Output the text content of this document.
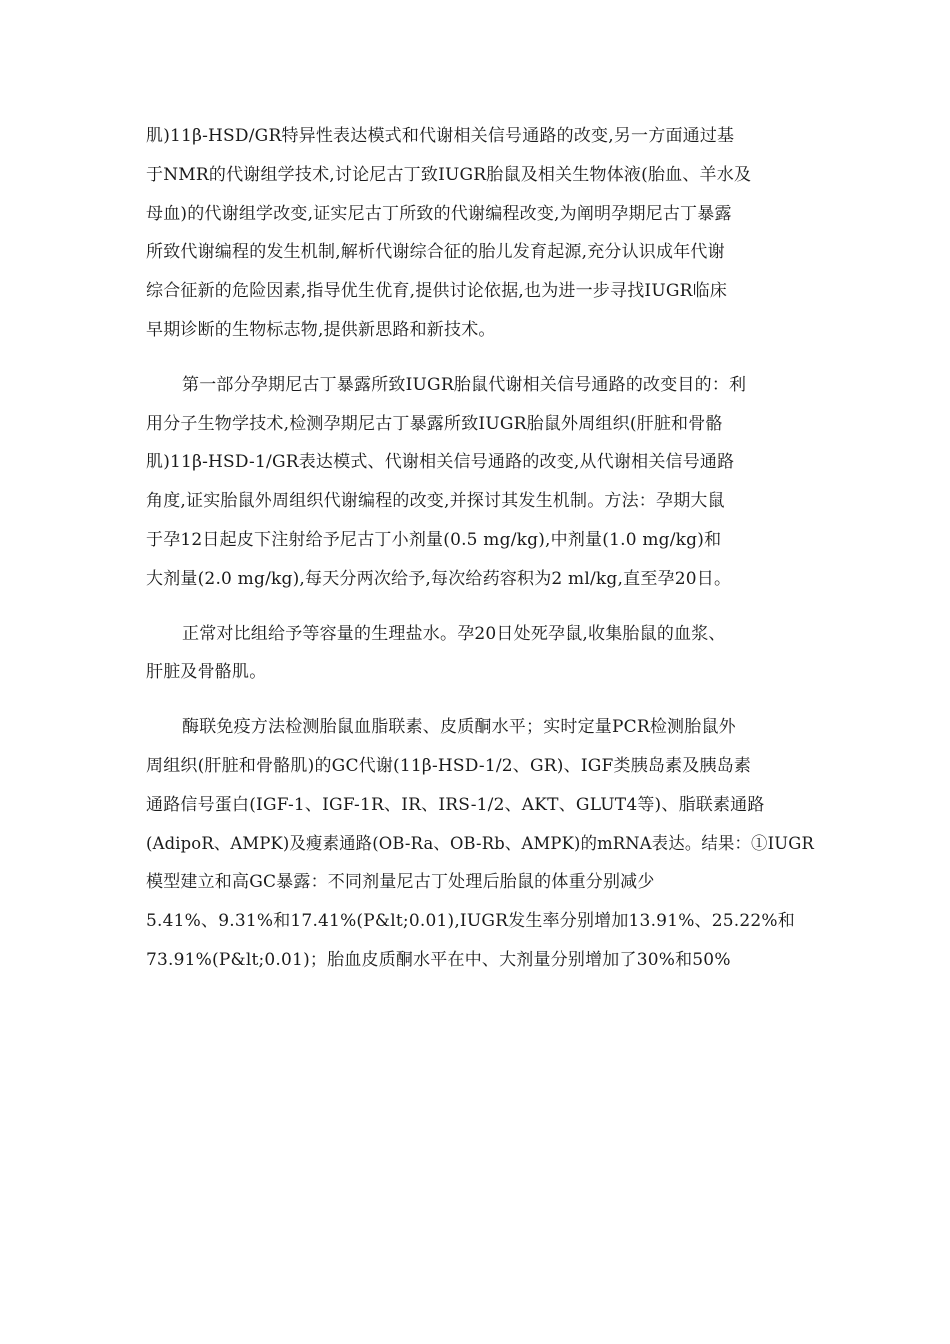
肌)11β-HSD/GR特异性表达模式和代谢相关信号通路的改变,另一方面通过基
于NMR的代谢组学技术,讨论尼古丁致IUGR胎鼠及相关生物体液(胎血、羊水及
母血)的代谢组学改变,证实尼古丁所致的代谢编程改变,为阐明孕期尼古丁暴露
所致代谢编程的发生机制,解析代谢综合征的胎儿发育起源,充分认识成年代谢
综合征新的危险因素,指导优生优育,提供讨论依据,也为进一步寻找IUGR临床
早期诊断的生物标志物,提供新思路和新技术。

第一部分孕期尼古丁暴露所致IUGR胎鼠代谢相关信号通路的改变目的：利
用分子生物学技术,检测孕期尼古丁暴露所致IUGR胎鼠外周组织(肝脏和骨骼
肌)11β-HSD-1/GR表达模式、代谢相关信号通路的改变,从代谢相关信号通路
角度,证实胎鼠外周组织代谢编程的改变,并探讨其发生机制。方法：孕期大鼠
于孕12日起皮下注射给予尼古丁小剂量(0.5 mg/kg),中剂量(1.0 mg/kg)和
大剂量(2.0 mg/kg),每天分两次给予,每次给药容积为2 ml/kg,直至孕20日。

正常对比组给予等容量的生理盐水。孕20日处死孕鼠,收集胎鼠的血浆、
肝脏及骨骼肌。

酶联免疫方法检测胎鼠血脂联素、皮质酮水平；实时定量PCR检测胎鼠外
周组织(肝脏和骨骼肌)的GC代谢(11β-HSD-1/2、GR)、IGF类胰岛素及胰岛素
通路信号蛋白(IGF-1、IGF-1R、IR、IRS-1/2、AKT、GLUT4等)、脂联素通路
(AdipoR、AMPK)及瘦素通路(OB-Ra、OB-Rb、AMPK)的mRNA表达。结果：①IUGR
模型建立和高GC暴露：不同剂量尼古丁处理后胎鼠的体重分别减少
5.41%、9.31%和17.41%(P&lt;0.01),IUGR发生率分别增加13.91%、25.22%和
73.91%(P&lt;0.01)；胎血皮质酮水平在中、大剂量分别增加了30%和50%
